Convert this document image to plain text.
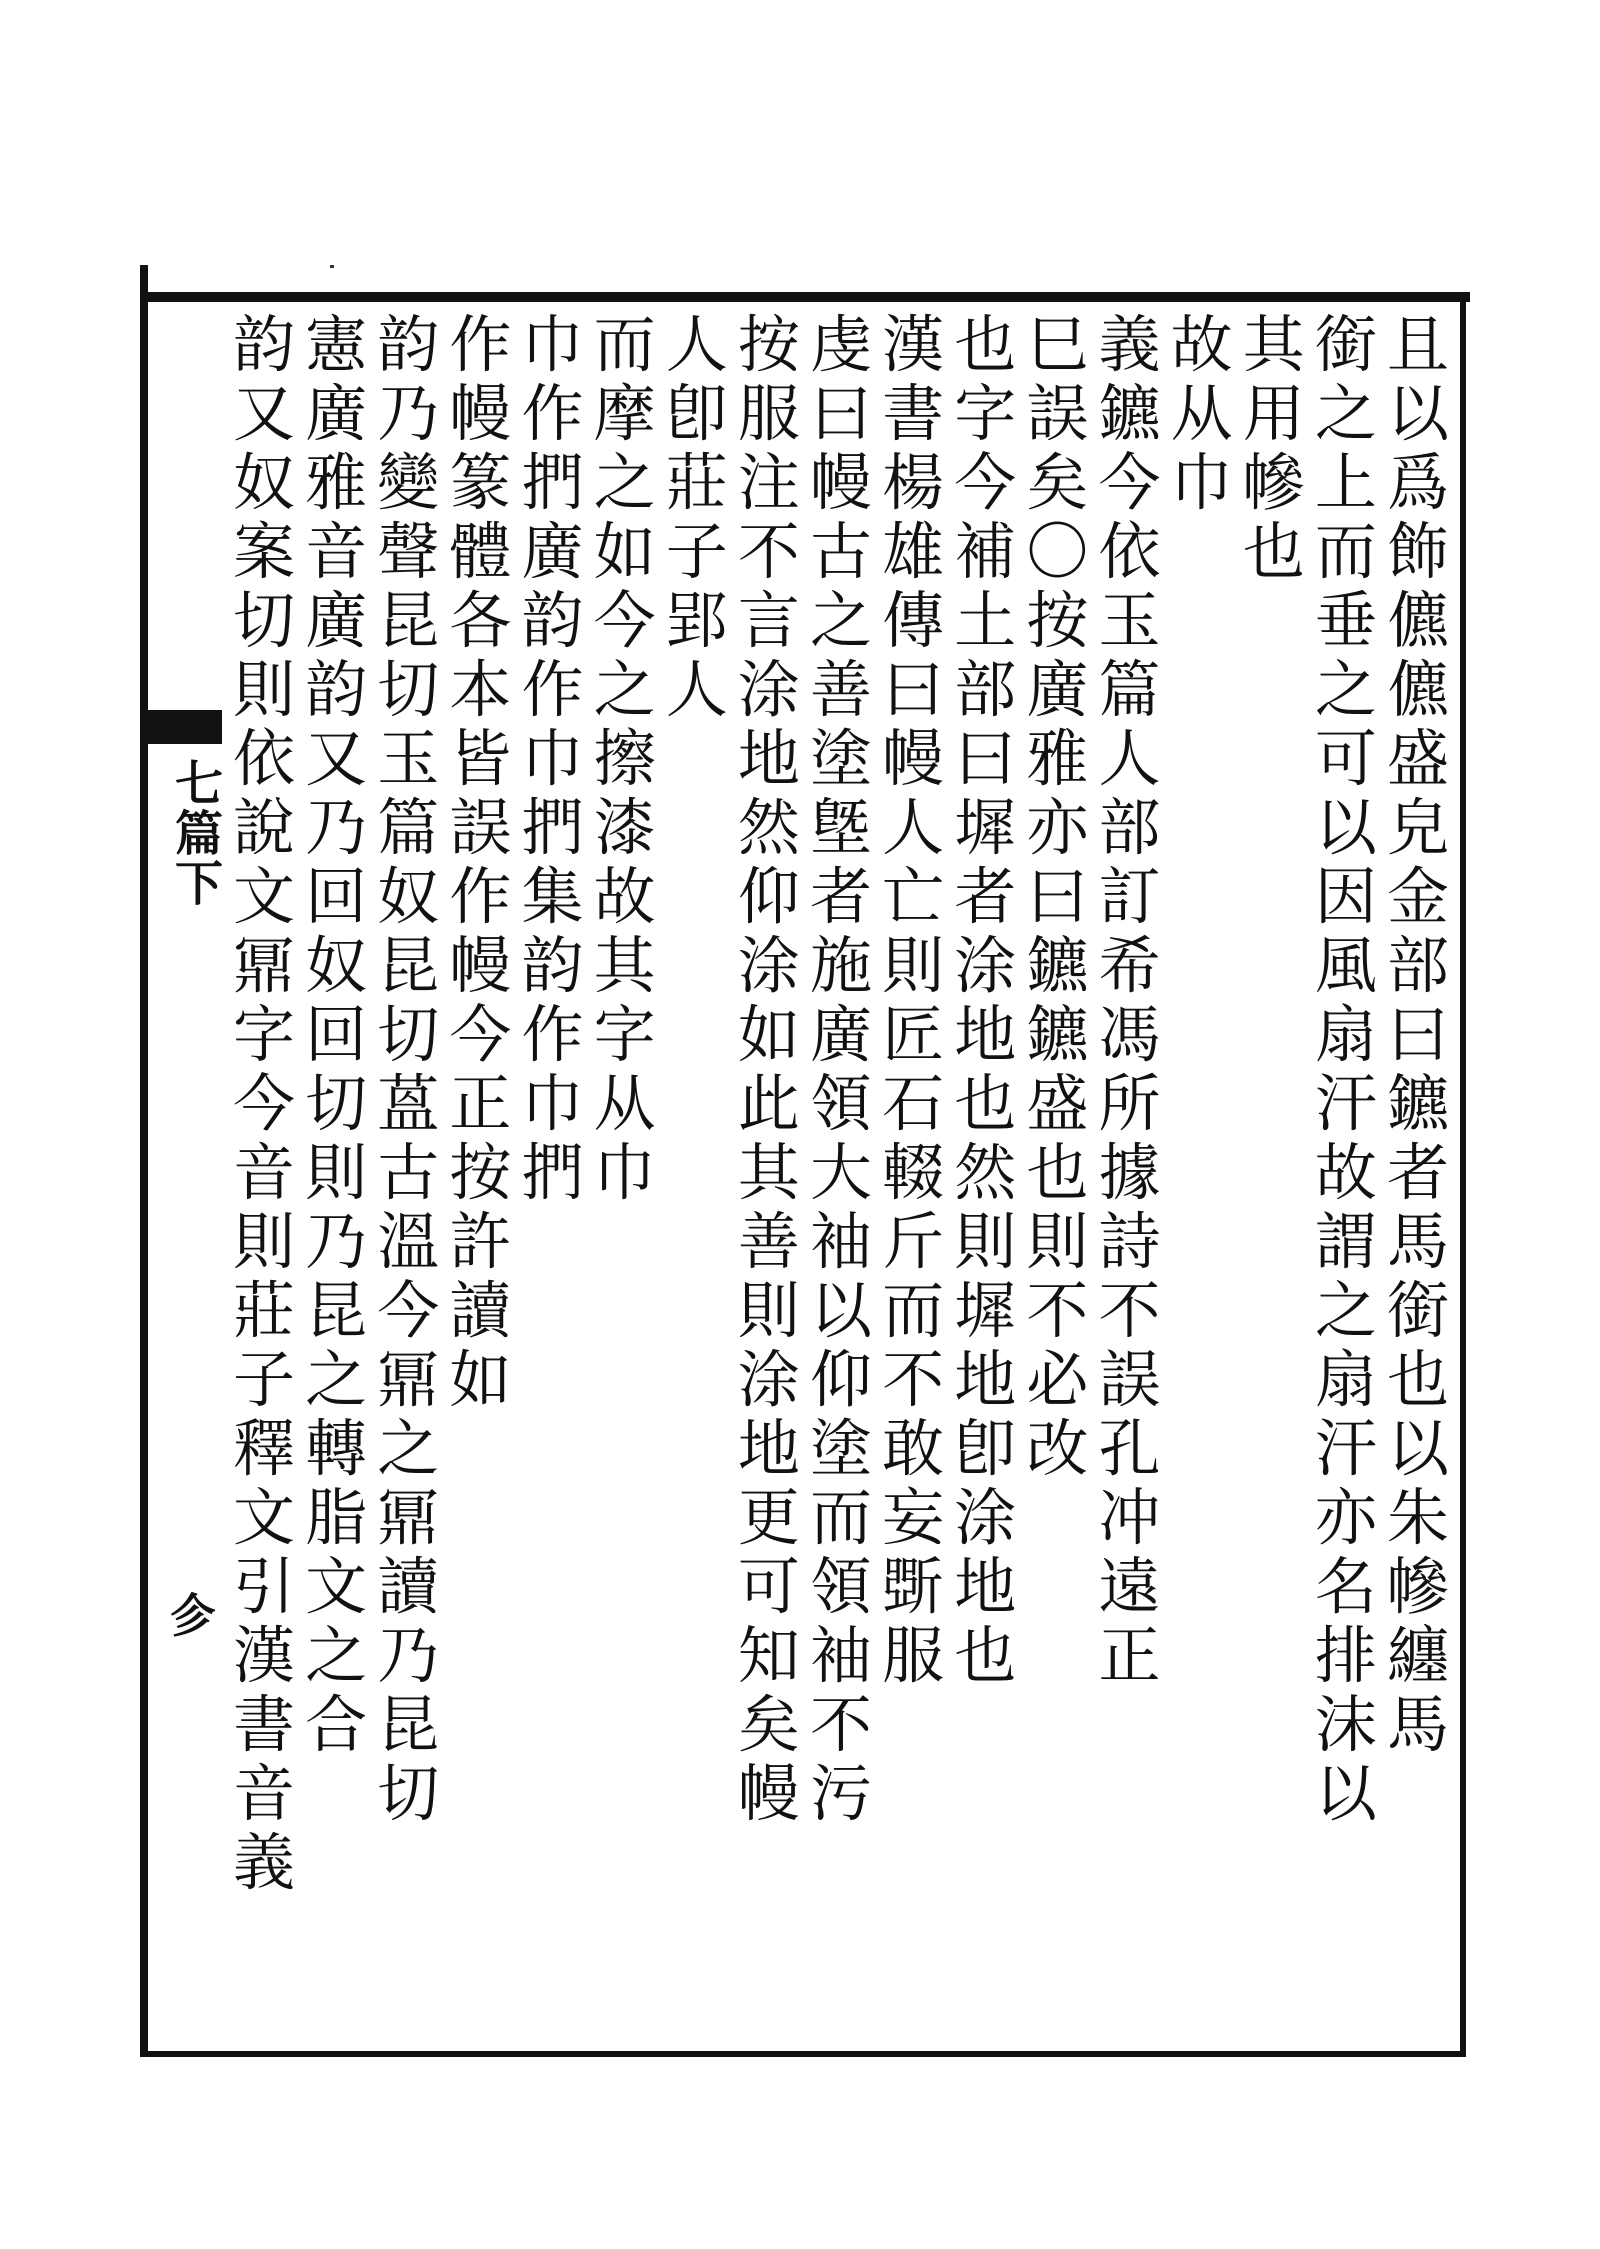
七
篇
下
㐱
且
以
爲
飾
儦
儦
盛
皃
金
部
曰
鑣
者
馬
銜
也
以
朱
幓
纏
馬
銜
之
上
而
垂
之
可
以
因
風
扇
汗
故
謂
之
扇
汗
亦
名
排
沫
以
其
用
幓
也
故
从
巾
義
鑣
今
依
玉
篇
人
部
訂
希
馮
所
據
詩
不
誤
孔
冲
遠
正
巳
誤
矣
〇
按
廣
雅
亦
曰
鑣
鑣
盛
也
則
不
必
改
也
字
今
補
土
部
曰
墀
者
涂
地
也
然
則
墀
地
卽
涂
地
也
漢
書
楊
雄
傳
曰
幔
人
亡
則
匠
石
輟
斤
而
不
敢
妄
斲
服
虔
曰
幔
古
之
善
塗
墍
者
施
廣
領
大
袖
以
仰
塗
而
領
袖
不
污
按
服
注
不
言
涂
地
然
仰
涂
如
此
其
善
則
涂
地
更
可
知
矣
幔
人
卽
莊
子
郢
人
而
摩
之
如
今
之
擦
漆
故
其
字
从
巾
巾
作
捫
廣
韵
作
巾
捫
集
韵
作
巾
捫
作
幔
篆
體
各
本
皆
誤
作
幔
今
正
按
許
讀
如
韵
乃
變
聲
昆
切
玉
篇
奴
昆
切
蒕
古
溫
今
鼏
之
鼏
讀
乃
昆
切
憲
廣
雅
音
廣
韵
又
乃
回
奴
回
切
則
乃
昆
之
轉
脂
文
之
合
韵
又
奴
案
切
則
依
說
文
鼏
字
今
音
則
莊
子
釋
文
引
漢
書
音
義
